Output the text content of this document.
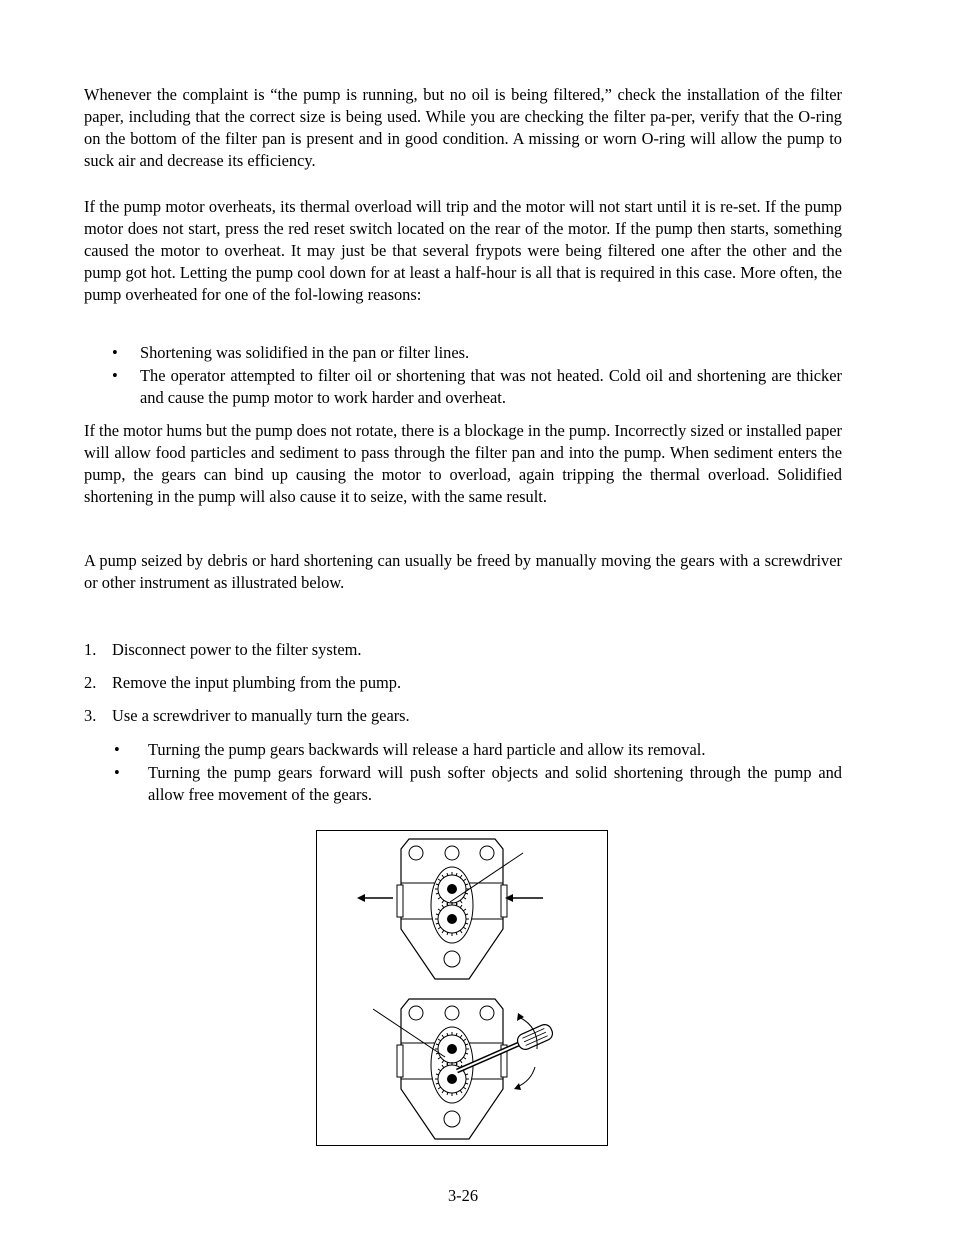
Whenever the complaint is “the pump is running, but no oil is being filtered,” check the installation of the filter paper, including that the correct size is being used. While you are checking the filter pa-per, verify that the O-ring on the bottom of the filter pan is present and in good condition. A missing or worn O-ring will allow the pump to suck air and decrease its efficiency.

If the pump motor overheats, its thermal overload will trip and the motor will not start until it is re-set. If the pump motor does not start, press the red reset switch located on the rear of the motor. If the pump then starts, something caused the motor to overheat. It may just be that several frypots were being filtered one after the other and the pump got hot. Letting the pump cool down for at least a half-hour is all that is required in this case. More often, the pump overheated for one of the fol-lowing reasons:

• Shortening was solidified in the pan or filter lines.
• The operator attempted to filter oil or shortening that was not heated. Cold oil and shortening are thicker and cause the pump motor to work harder and overheat.

If the motor hums but the pump does not rotate, there is a blockage in the pump. Incorrectly sized or installed paper will allow food particles and sediment to pass through the filter pan and into the pump. When sediment enters the pump, the gears can bind up causing the motor to overload, again tripping the thermal overload. Solidified shortening in the pump will also cause it to seize, with the same result.

A pump seized by debris or hard shortening can usually be freed by manually moving the gears with a screwdriver or other instrument as illustrated below.

1. Disconnect power to the filter system.
2. Remove the input plumbing from the pump.
3. Use a screwdriver to manually turn the gears.
• Turning the pump gears backwards will release a hard particle and allow its removal.
• Turning the pump gears forward will push softer objects and solid shortening through the pump and allow free movement of the gears.
3-26
